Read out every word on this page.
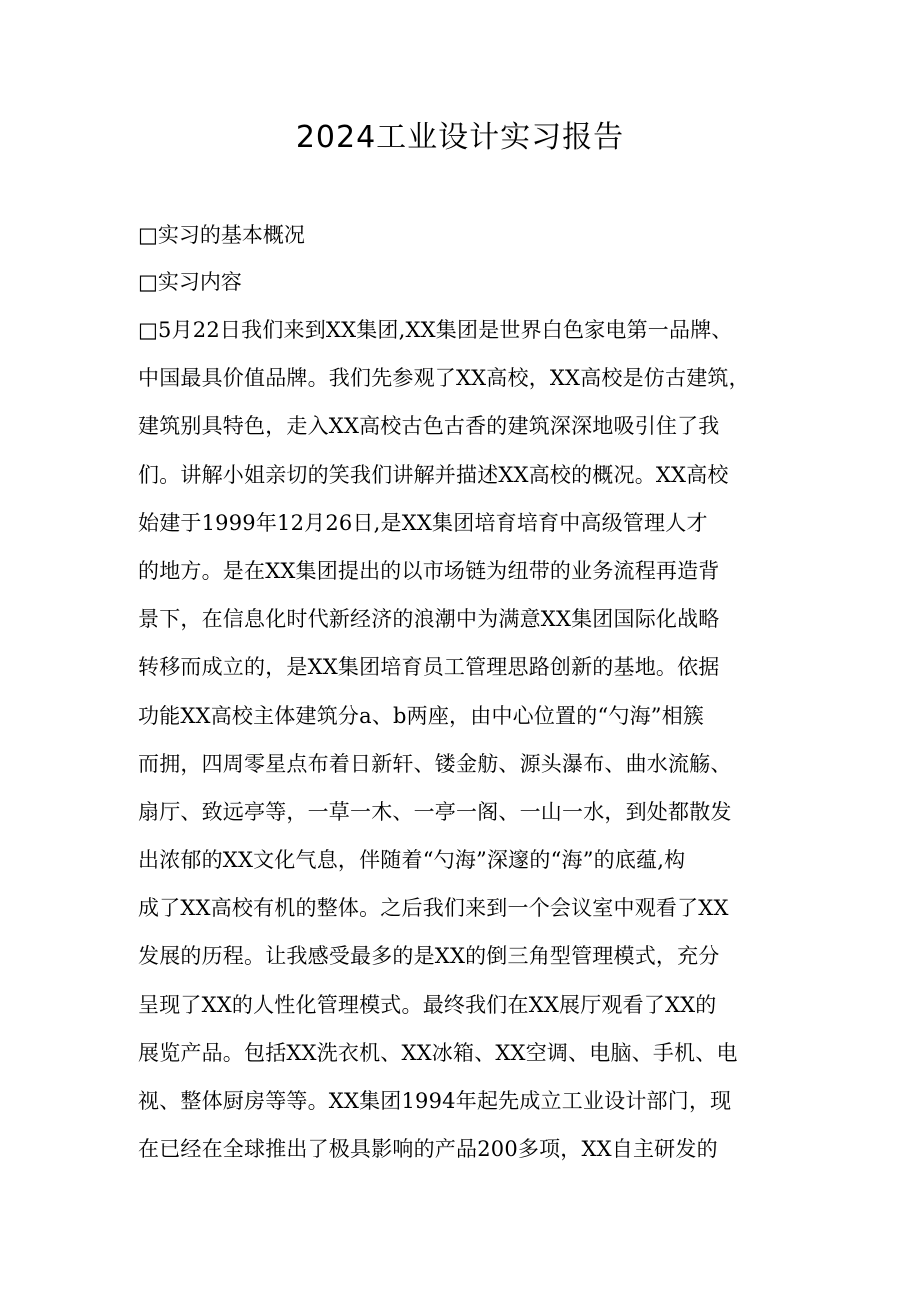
2024工业设计实习报告
□实习的基本概况
□实习内容
□5月22日我们来到XX集团,XX集团是世界白色家电第一品牌、
中国最具价值品牌。我们先参观了XX高校，XX高校是仿古建筑，
建筑别具特色，走入XX高校古色古香的建筑深深地吸引住了我
们。讲解小姐亲切的笑我们讲解并描述XX高校的概况。XX高校
始建于1999年12月26日,是XX集团培育培育中高级管理人才
的地方。是在XX集团提出的以市场链为纽带的业务流程再造背
景下，在信息化时代新经济的浪潮中为满意XX集团国际化战略
转移而成立的，是XX集团培育员工管理思路创新的基地。依据
功能XX高校主体建筑分a、b两座，由中心位置的“勺海”相簇
而拥，四周零星点布着日新轩、镂金舫、源头瀑布、曲水流觞、
扇厅、致远亭等，一草一木、一亭一阁、一山一水，到处都散发
出浓郁的XX文化气息，伴随着“勺海”深邃的“海”的底蕴,构
成了XX高校有机的整体。之后我们来到一个会议室中观看了XX
发展的历程。让我感受最多的是XX的倒三角型管理模式，充分
呈现了XX的人性化管理模式。最终我们在XX展厅观看了XX的
展览产品。包括XX洗衣机、XX冰箱、XX空调、电脑、手机、电
视、整体厨房等等。XX集团1994年起先成立工业设计部门，现
在已经在全球推出了极具影响的产品200多项，XX自主研发的
